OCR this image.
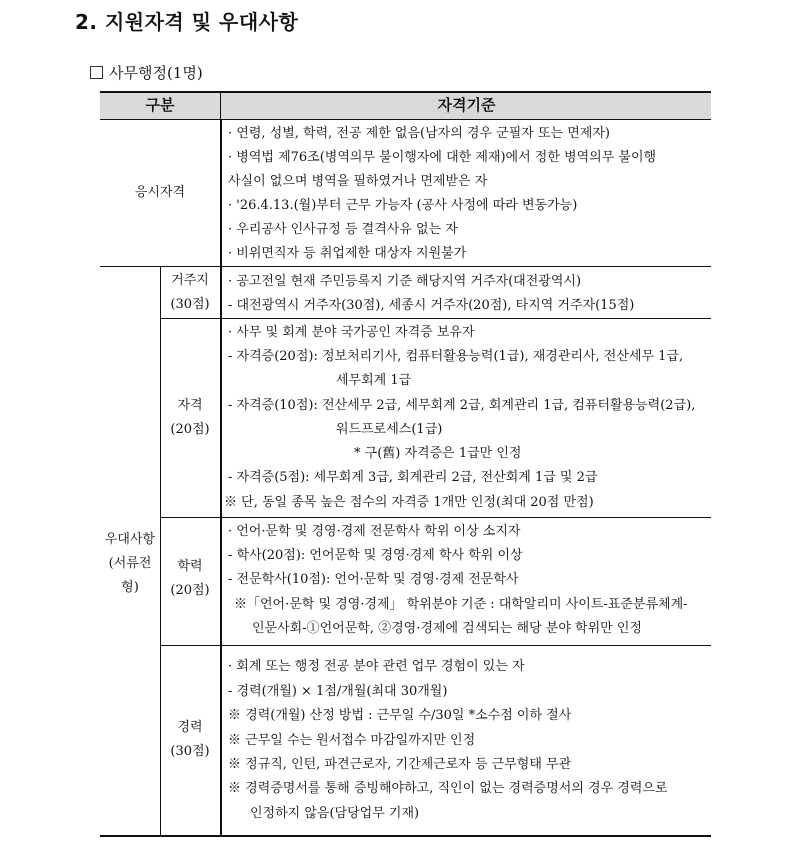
2. 지원자격 및 우대사항
사무행정(1명)
구분	자격기준
응시자격
· 연령, 성별, 학력, 전공 제한 없음(남자의 경우 군필자 또는 면제자)
· 병역법 제76조(병역의무 불이행자에 대한 제재)에서 정한 병역의무 불이행
사실이 없으며 병역을 필하였거나 면제받은 자
· '26.4.13.(월)부터 근무 가능자 (공사 사정에 따라 변동가능)
· 우리공사 인사규정 등 결격사유 없는 자
· 비위면직자 등 취업제한 대상자 지원불가
우대사항
(서류전형)
거주지
(30점)
· 공고전일 현재 주민등록지 기준 해당지역 거주자(대전광역시)
- 대전광역시 거주자(30점), 세종시 거주자(20점), 타지역 거주자(15점)
자격
(20점)
· 사무 및 회계 분야 국가공인 자격증 보유자
- 자격증(20점): 정보처리기사, 컴퓨터활용능력(1급), 재경관리사, 전산세무 1급,
세무회계 1급
- 자격증(10점): 전산세무 2급, 세무회계 2급, 회계관리 1급, 컴퓨터활용능력(2급),
워드프로세스(1급)
* 구(舊) 자격증은 1급만 인정
- 자격증(5점): 세무회계 3급, 회계관리 2급, 전산회계 1급 및 2급
※ 단, 동일 종목 높은 점수의 자격증 1개만 인정(최대 20점 만점)
학력
(20점)
· 언어·문학 및 경영·경제 전문학사 학위 이상 소지자
- 학사(20점): 언어문학 및 경영·경제 학사 학위 이상
- 전문학사(10점): 언어·문학 및 경영·경제 전문학사
※「언어·문학 및 경영·경제」 학위분야 기준 : 대학알리미 사이트-표준분류체계-
인문사회-①언어문학, ②경영·경제에 검색되는 해당 분야 학위만 인정
경력
(30점)
· 회계 또는 행정 전공 분야 관련 업무 경험이 있는 자
- 경력(개월) × 1점/개월(최대 30개월)
※ 경력(개월) 산정 방법 : 근무일 수/30일 *소수점 이하 절사
※ 근무일 수는 원서접수 마감일까지만 인정
※ 정규직, 인턴, 파견근로자, 기간제근로자 등 근무형태 무관
※ 경력증명서를 통해 증빙해야하고, 직인이 없는 경력증명서의 경우 경력으로
인정하지 않음(담당업무 기재)
